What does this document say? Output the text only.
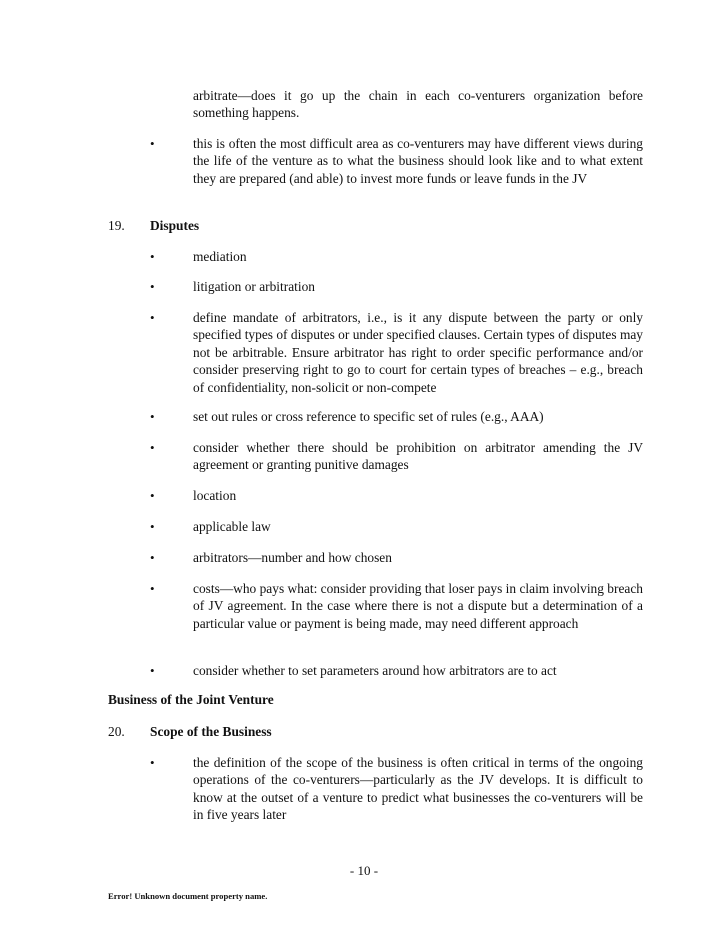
arbitrate—does it go up the chain in each co-venturers organization before something happens.
•	this is often the most difficult area as co-venturers may have different views during the life of the venture as to what the business should look like and to what extent they are prepared (and able) to invest more funds or leave funds in the JV
19. Disputes
•	mediation
•	litigation or arbitration
•	define mandate of arbitrators, i.e., is it any dispute between the party or only specified types of disputes or under specified clauses. Certain types of disputes may not be arbitrable. Ensure arbitrator has right to order specific performance and/or consider preserving right to go to court for certain types of breaches – e.g., breach of confidentiality, non-solicit or non-compete
•	set out rules or cross reference to specific set of rules (e.g., AAA)
•	consider whether there should be prohibition on arbitrator amending the JV agreement or granting punitive damages
•	location
•	applicable law
•	arbitrators—number and how chosen
•	costs—who pays what: consider providing that loser pays in claim involving breach of JV agreement. In the case where there is not a dispute but a determination of a particular value or payment is being made, may need different approach
•	consider whether to set parameters around how arbitrators are to act
Business of the Joint Venture
20. Scope of the Business
•	the definition of the scope of the business is often critical in terms of the ongoing operations of the co-venturers—particularly as the JV develops. It is difficult to know at the outset of a venture to predict what businesses the co-venturers will be in five years later
- 10 -
Error! Unknown document property name.
